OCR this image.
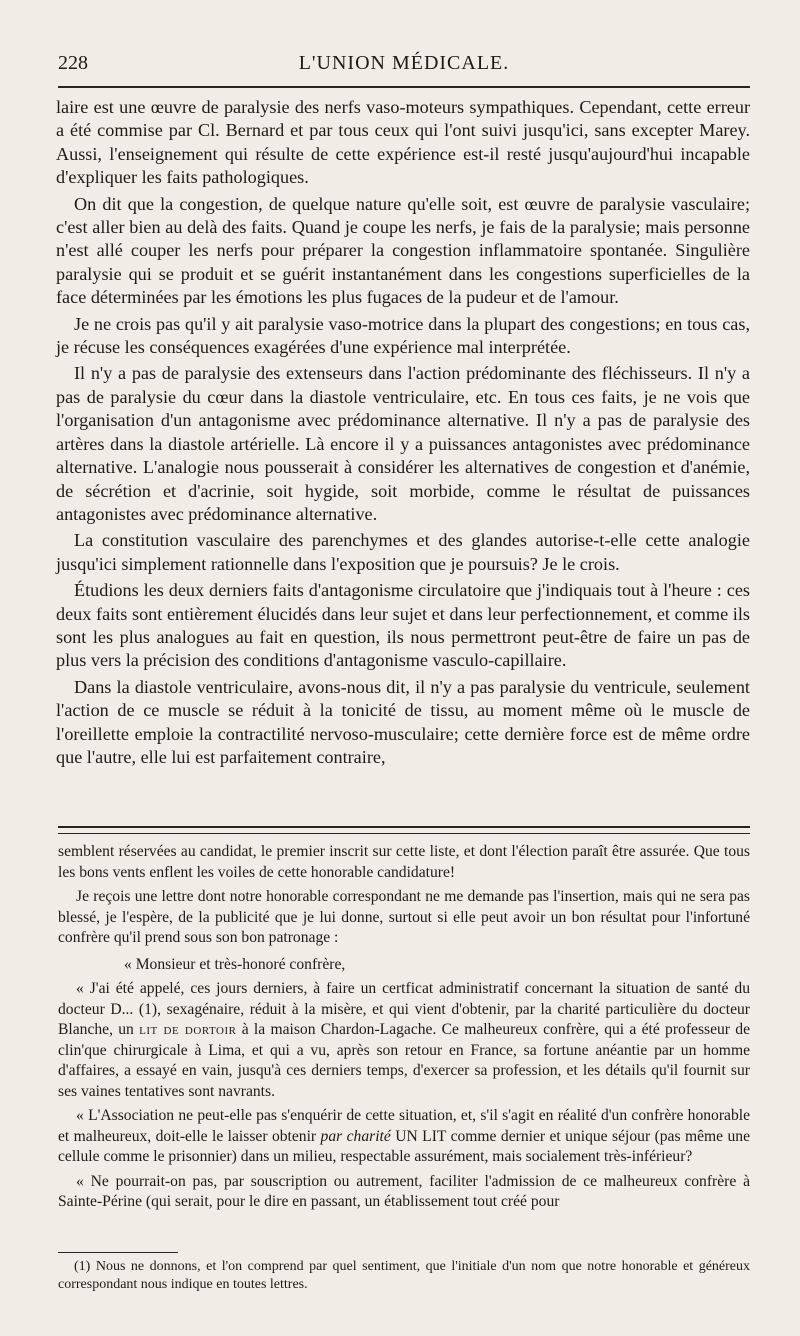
228	L'UNION MÉDICALE.

laire est une œuvre de paralysie des nerfs vaso-moteurs sympathiques. Cependant, cette erreur a été commise par Cl. Bernard et par tous ceux qui l'ont suivi jusqu'ici, sans excepter Marey. Aussi, l'enseignement qui résulte de cette expérience est-il resté jusqu'aujourd'hui incapable d'expliquer les faits pathologiques.

On dit que la congestion, de quelque nature qu'elle soit, est œuvre de paralysie vasculaire; c'est aller bien au delà des faits. Quand je coupe les nerfs, je fais de la paralysie; mais personne n'est allé couper les nerfs pour préparer la congestion inflammatoire spontanée. Singulière paralysie qui se produit et se guérit instantanément dans les congestions superficielles de la face déterminées par les émotions les plus fugaces de la pudeur et de l'amour.

Je ne crois pas qu'il y ait paralysie vaso-motrice dans la plupart des congestions; en tous cas, je récuse les conséquences exagérées d'une expérience mal interprétée.

Il n'y a pas de paralysie des extenseurs dans l'action prédominante des fléchisseurs. Il n'y a pas de paralysie du cœur dans la diastole ventriculaire, etc. En tous ces faits, je ne vois que l'organisation d'un antagonisme avec prédominance alternative. Il n'y a pas de paralysie des artères dans la diastole artérielle. Là encore il y a puissances antagonistes avec prédominance alternative. L'analogie nous pousserait à considérer les alternatives de congestion et d'anémie, de sécrétion et d'acrinie, soit hygide, soit morbide, comme le résultat de puissances antagonistes avec prédominance alternative.

La constitution vasculaire des parenchymes et des glandes autorise-t-elle cette analogie jusqu'ici simplement rationnelle dans l'exposition que je poursuis? Je le crois.

Étudions les deux derniers faits d'antagonisme circulatoire que j'indiquais tout à l'heure : ces deux faits sont entièrement élucidés dans leur sujet et dans leur perfectionnement, et comme ils sont les plus analogues au fait en question, ils nous permettront peut-être de faire un pas de plus vers la précision des conditions d'antagonisme vasculo-capillaire.

Dans la diastole ventriculaire, avons-nous dit, il n'y a pas paralysie du ventricule, seulement l'action de ce muscle se réduit à la tonicité de tissu, au moment même où le muscle de l'oreillette emploie la contractilité nervoso-musculaire; cette dernière force est de même ordre que l'autre, elle lui est parfaitement contraire,

semblent réservées au candidat, le premier inscrit sur cette liste, et dont l'élection paraît être assurée. Que tous les bons vents enflent les voiles de cette honorable candidature!

Je reçois une lettre dont notre honorable correspondant ne me demande pas l'insertion, mais qui ne sera pas blessé, je l'espère, de la publicité que je lui donne, surtout si elle peut avoir un bon résultat pour l'infortuné confrère qu'il prend sous son bon patronage :

« Monsieur et très-honoré confrère,

« J'ai été appelé, ces jours derniers, à faire un certficat administratif concernant la situation de santé du docteur D... (1), sexagénaire, réduit à la misère, et qui vient d'obtenir, par la charité particulière du docteur Blanche, un lit de dortoir à la maison Chardon-Lagache. Ce malheureux confrère, qui a été professeur de clin'que chirurgicale à Lima, et qui a vu, après son retour en France, sa fortune anéantie par un homme d'affaires, a essayé en vain, jusqu'à ces derniers temps, d'exercer sa profession, et les détails qu'il fournit sur ses vaines tentatives sont navrants.

« L'Association ne peut-elle pas s'enquérir de cette situation, et, s'il s'agit en réalité d'un confrère honorable et malheureux, doit-elle le laisser obtenir par charité UN LIT comme dernier et unique séjour (pas même une cellule comme le prisonnier) dans un milieu, respectable assurément, mais socialement très-inférieur?

« Ne pourrait-on pas, par souscription ou autrement, faciliter l'admission de ce malheureux confrère à Sainte-Périne (qui serait, pour le dire en passant, un établissement tout créé pour

(1) Nous ne donnons, et l'on comprend par quel sentiment, que l'initiale d'un nom que notre honorable et généreux correspondant nous indique en toutes lettres.
